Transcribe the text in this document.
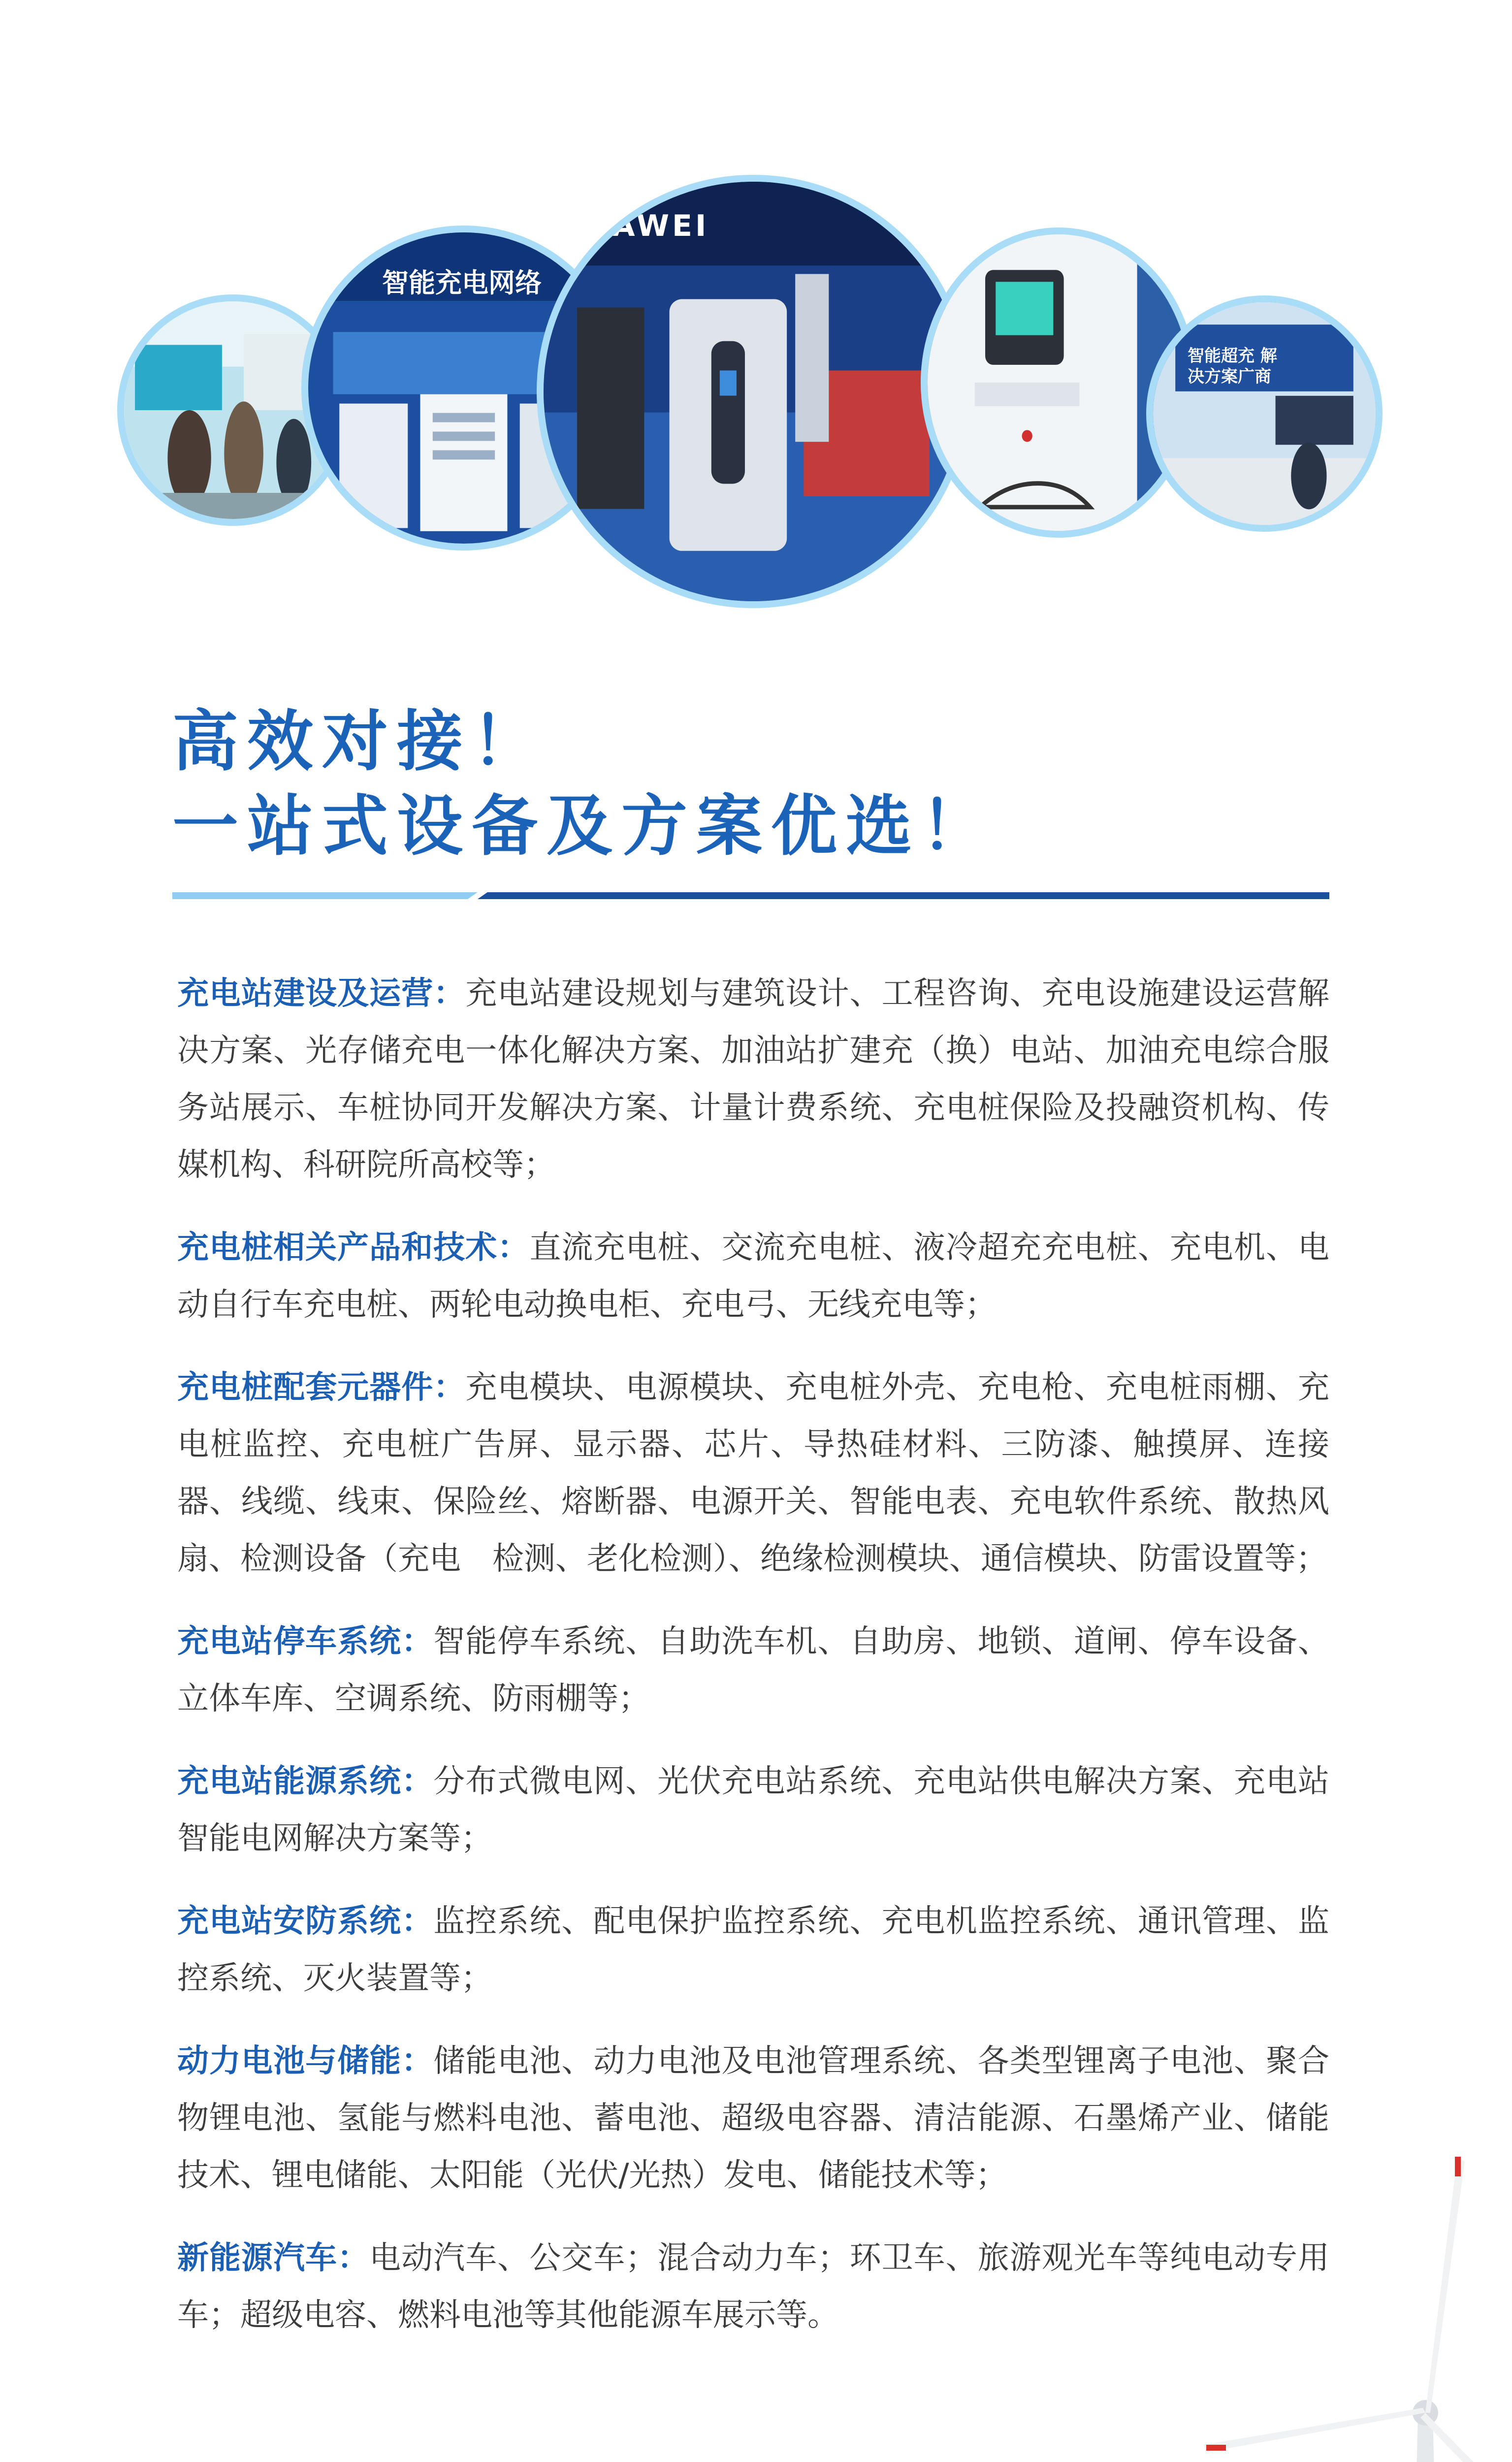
智能充电网络
HUAWEI
智能超充 解决方案广商
高效对接！
一站式设备及方案优选！

充电站建设及运营：充电站建设规划与建筑设计、工程咨询、充电设施建设运营解决方案、光存储充电一体化解决方案、加油站扩建充（换）电站、加油充电综合服务站展示、车桩协同开发解决方案、计量计费系统、充电桩保险及投融资机构、传媒机构、科研院所高校等；

充电桩相关产品和技术：直流充电桩、交流充电桩、液冷超充充电桩、充电机、电动自行车充电桩、两轮电动换电柜、充电弓、无线充电等；

充电桩配套元器件：充电模块、电源模块、充电桩外壳、充电枪、充电桩雨棚、充电桩监控、充电桩广告屏、显示器、芯片、导热硅材料、三防漆、触摸屏、连接器、线缆、线束、保险丝、熔断器、电源开关、智能电表、充电软件系统、散热风扇、检测设备（充电　检测、老化检测）、绝缘检测模块、通信模块、防雷设置等；

充电站停车系统：智能停车系统、自助洗车机、自助房、地锁、道闸、停车设备、立体车库、空调系统、防雨棚等；

充电站能源系统：分布式微电网、光伏充电站系统、充电站供电解决方案、充电站智能电网解决方案等；

充电站安防系统：监控系统、配电保护监控系统、充电机监控系统、通讯管理、监控系统、灭火装置等；

动力电池与储能：储能电池、动力电池及电池管理系统、各类型锂离子电池、聚合物锂电池、氢能与燃料电池、蓄电池、超级电容器、清洁能源、石墨烯产业、储能技术、锂电储能、太阳能（光伏/光热）发电、储能技术等；

新能源汽车：电动汽车、公交车；混合动力车；环卫车、旅游观光车等纯电动专用车；超级电容、燃料电池等其他能源车展示等。
